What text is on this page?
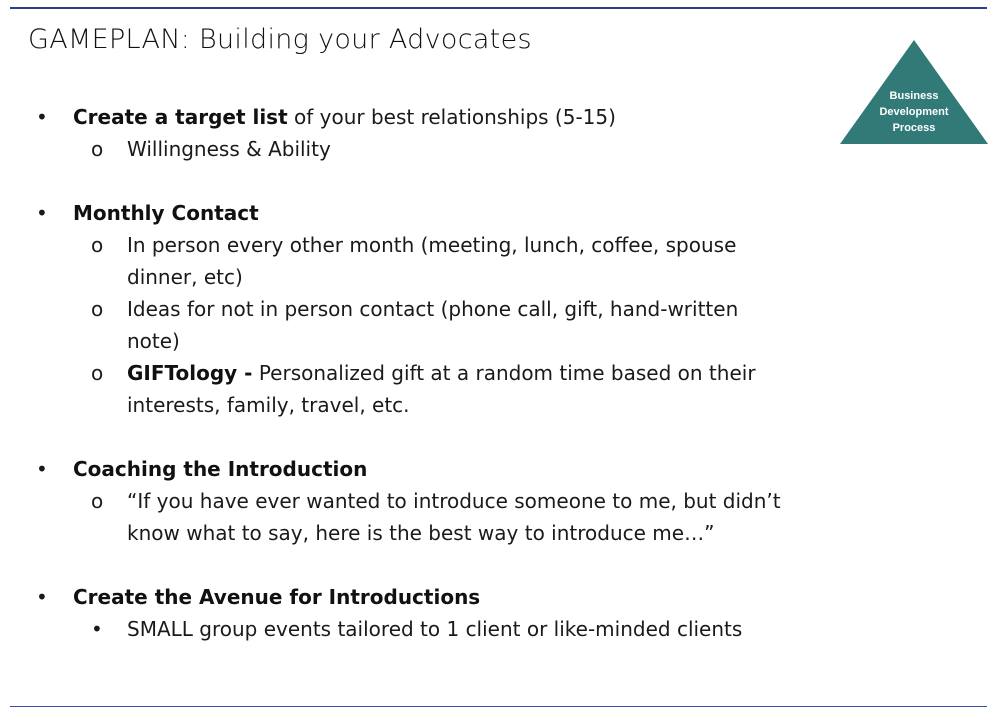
GAMEPLAN: Building your Advocates
Business
Development
Process
• Create a target list of your best relationships (5-15)
o Willingness & Ability
• Monthly Contact
o In person every other month (meeting, lunch, coffee, spouse
dinner, etc)
o Ideas for not in person contact (phone call, gift, hand-written
note)
o GIFTology - Personalized gift at a random time based on their
interests, family, travel, etc.
• Coaching the Introduction
o “If you have ever wanted to introduce someone to me, but didn’t
know what to say, here is the best way to introduce me…”
• Create the Avenue for Introductions
• SMALL group events tailored to 1 client or like-minded clients
